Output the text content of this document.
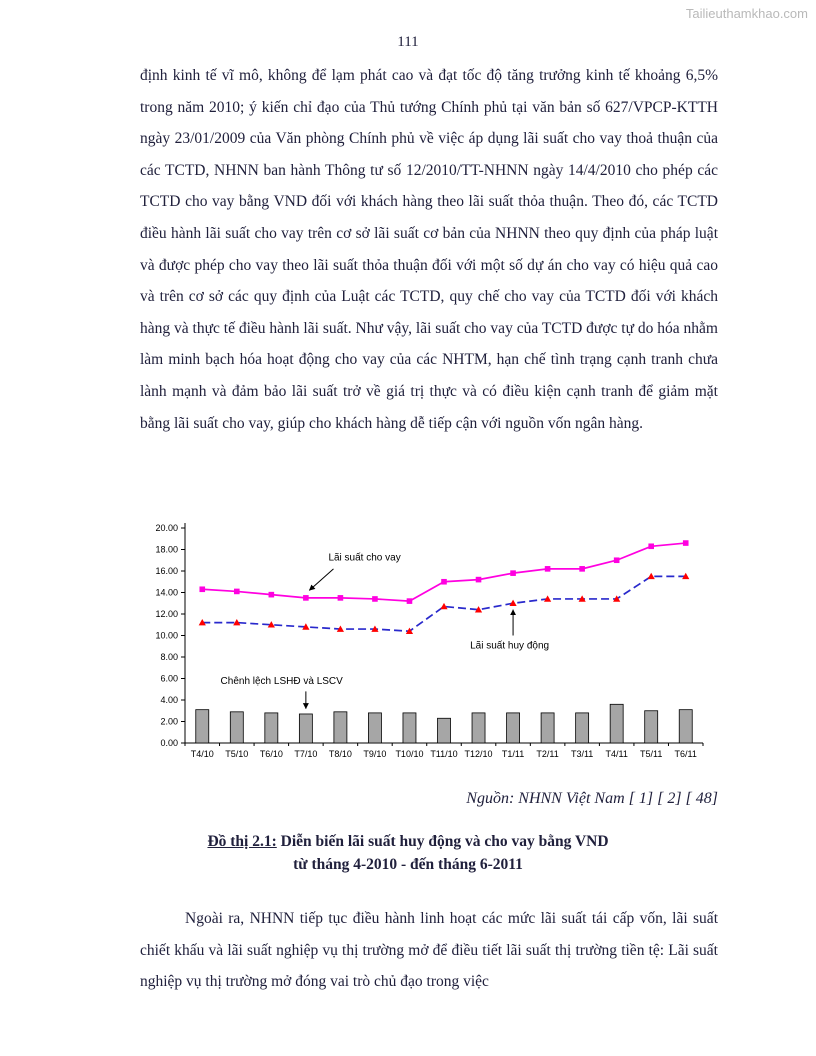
Tailieuthamkhao.com
111

định kinh tế vĩ mô, không để lạm phát cao và đạt tốc độ tăng trưởng kinh tế khoảng 6,5% trong năm 2010; ý kiến chỉ đạo của Thủ tướng Chính phủ tại văn bản số 627/VPCP-KTTH ngày 23/01/2009 của Văn phòng Chính phủ về việc áp dụng lãi suất cho vay thoả thuận của các TCTD, NHNN ban hành Thông tư số 12/2010/TT-NHNN ngày 14/4/2010 cho phép các TCTD cho vay bằng VND đối với khách hàng theo lãi suất thỏa thuận. Theo đó, các TCTD điều hành lãi suất cho vay trên cơ sở lãi suất cơ bản của NHNN theo quy định của pháp luật và được phép cho vay theo lãi suất thỏa thuận đối với một số dự án cho vay có hiệu quả cao và trên cơ sở các quy định của Luật các TCTD, quy chế cho vay của TCTD đối với khách hàng và thực tế điều hành lãi suất. Như vậy, lãi suất cho vay của TCTD được tự do hóa nhằm làm minh bạch hóa hoạt động cho vay của các NHTM, hạn chế tình trạng cạnh tranh chưa lành mạnh và đảm bảo lãi suất trở về giá trị thực và có điều kiện cạnh tranh để giảm mặt bằng lãi suất cho vay, giúp cho khách hàng dễ tiếp cận với nguồn vốn ngân hàng.

0.00
2.00
4.00
6.00
8.00
10.00
12.00
14.00
16.00
18.00
20.00
T4/10 T5/10 T6/10 T7/10 T8/10 T9/10 T10/10 T11/10 T12/10 T1/11 T2/11 T3/11 T4/11 T5/11 T6/11
Lãi suất cho vay
Lãi suất huy động
Chênh lệch LSHĐ và LSCV
Nguồn: NHNN Việt Nam [ 1] [ 2] [ 48]
Đồ thị 2.1: Diễn biến lãi suất huy động và cho vay bằng VND
từ tháng 4-2010 - đến tháng 6-2011

Ngoài ra, NHNN tiếp tục điều hành linh hoạt các mức lãi suất tái cấp vốn, lãi suất chiết khấu và lãi suất nghiệp vụ thị trường mở để điều tiết lãi suất thị trường tiền tệ: Lãi suất nghiệp vụ thị trường mở đóng vai trò chủ đạo trong việc
